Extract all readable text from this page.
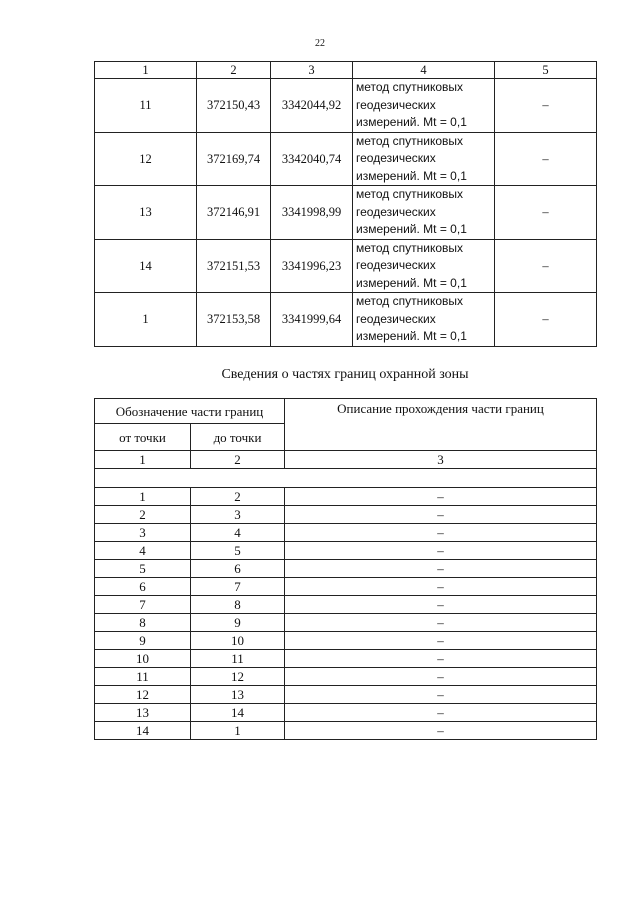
22
1	2	3	4	5
11	372150,43	3342044,92	метод спутниковых
геодезических
измерений. Mt = 0,1	–
12	372169,74	3342040,74	метод спутниковых
геодезических
измерений. Mt = 0,1	–
13	372146,91	3341998,99	метод спутниковых
геодезических
измерений. Mt = 0,1	–
14	372151,53	3341996,23	метод спутниковых
геодезических
измерений. Mt = 0,1	–
1	372153,58	3341999,64	метод спутниковых
геодезических
измерений. Mt = 0,1	–
Сведения о частях границ охранной зоны
Обозначение части границ		Описание прохождения части границ
от точки	до точки	
1	2	3

1	2	–
2	3	–
3	4	–
4	5	–
5	6	–
6	7	–
7	8	–
8	9	–
9	10	–
10	11	–
11	12	–
12	13	–
13	14	–
14	1	–
